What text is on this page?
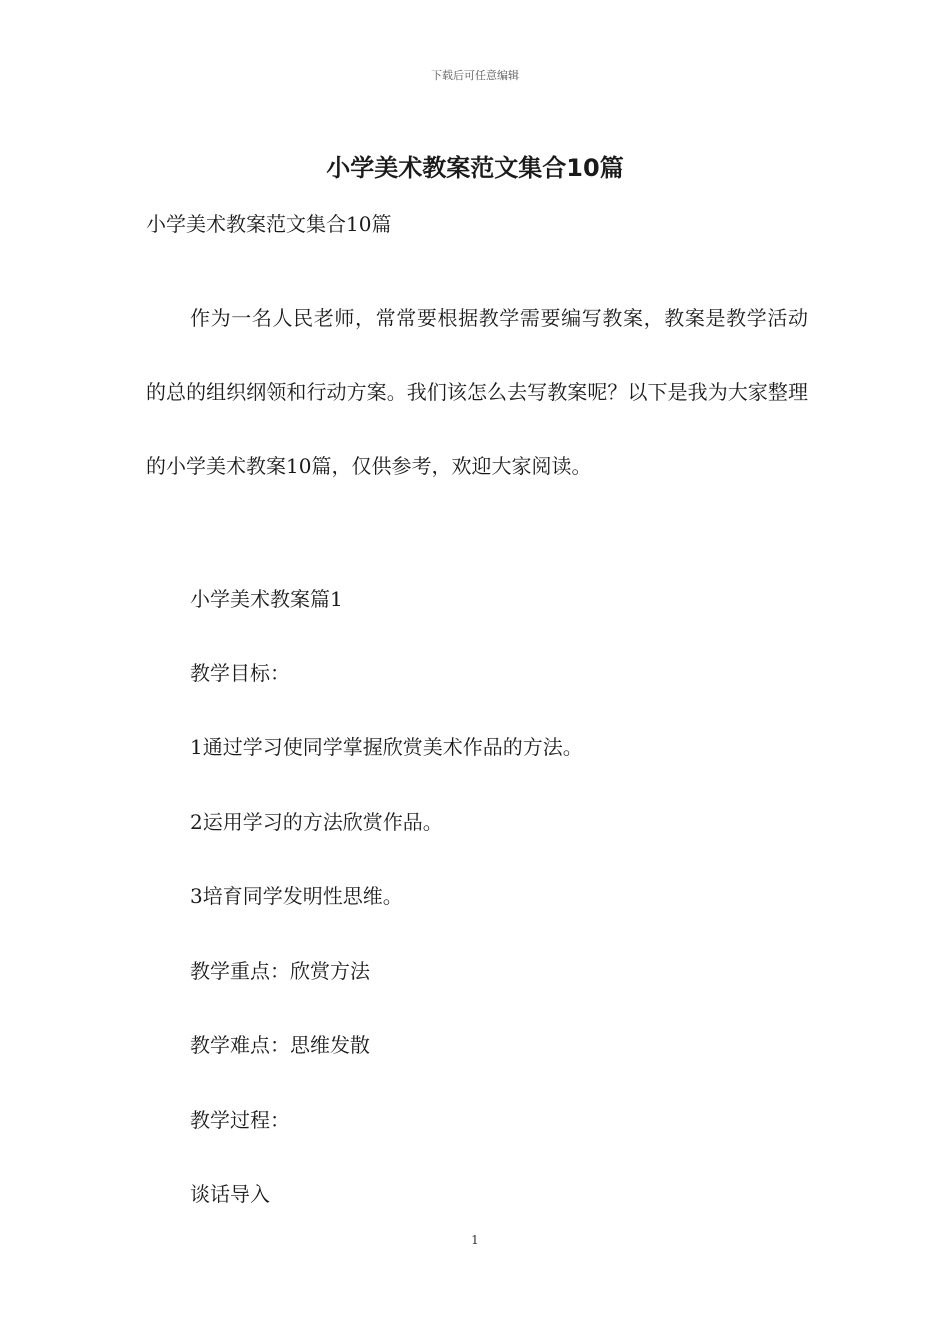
下载后可任意编辑
小学美术教案范文集合10篇
小学美术教案范文集合10篇

作为一名人民老师，常常要根据教学需要编写教案，教案是教学活动的总的组织纲领和行动方案。我们该怎么去写教案呢？以下是我为大家整理的小学美术教案10篇，仅供参考，欢迎大家阅读。

小学美术教案篇1
教学目标：
1通过学习使同学掌握欣赏美术作品的方法。
2运用学习的方法欣赏作品。
3培育同学发明性思维。
教学重点：欣赏方法
教学难点：思维发散
教学过程：
谈话导入
1
